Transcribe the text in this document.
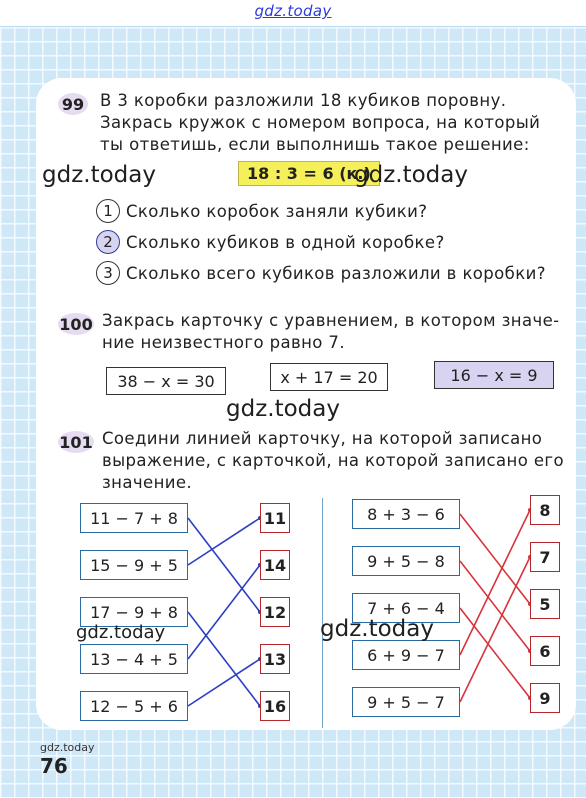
gdz.today
99 В 3 коробки разложили 18 кубиков поровну.
Закрась кружок с номером вопроса, на который
ты ответишь, если выполнишь такое решение:
18 : 3 = 6 (к.)
1 Сколько коробок заняли кубики?
2 Сколько кубиков в одной коробке?
3 Сколько всего кубиков разложили в коробки?
100 Закрась карточку с уравнением, в котором значе-
ние неизвестного равно 7.
38 − x = 30	x + 17 = 20	16 − x = 9
101 Соедини линией карточку, на которой записано
выражение, с карточкой, на которой записано его
значение.
11 − 7 + 8
15 − 9 + 5
17 − 9 + 8
13 − 4 + 5
12 − 5 + 6
11
14
12
13
16
8 + 3 − 6
9 + 5 − 8
7 + 6 − 4
6 + 9 − 7
9 + 5 − 7
8
7
5
6
9
gdz.today	gdz.today
gdz.today
gdz.today	gdz.today
gdz.today
76
